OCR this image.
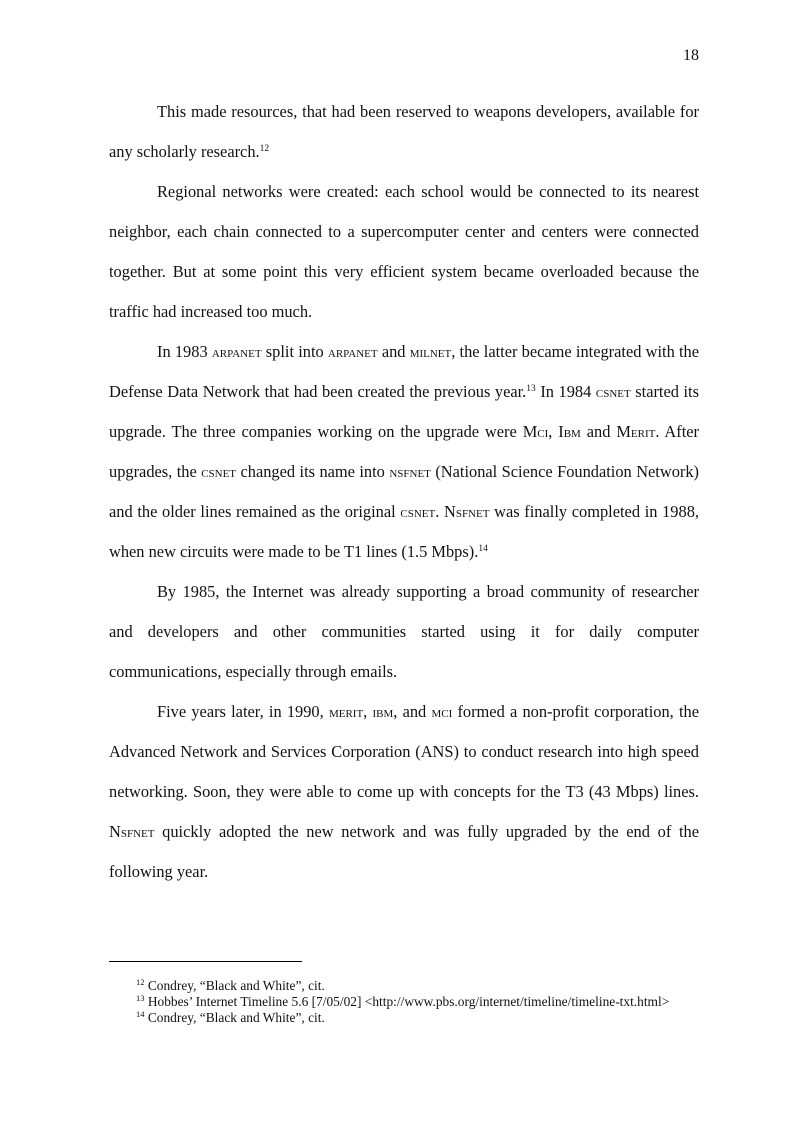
18

This made resources, that had been reserved to weapons developers, available for any scholarly research.$^{12}$

Regional networks were created: each school would be connected to its nearest neighbor, each chain connected to a supercomputer center and centers were connected together. But at some point this very efficient system became overloaded because the traffic had increased too much.

In 1983 arpanet split into arpanet and milnet, the latter became integrated with the Defense Data Network that had been created the previous year.$^{13}$ In 1984 csnet started its upgrade. The three companies working on the upgrade were Mci, Ibm and Merit. After upgrades, the csnet changed its name into nsfnet (National Science Foundation Network) and the older lines remained as the original csnet. Nsfnet was finally completed in 1988, when new circuits were made to be T1 lines (1.5 Mbps).$^{14}$

By 1985, the Internet was already supporting a broad community of researcher and developers and other communities started using it for daily computer communications, especially through emails.

Five years later, in 1990, merit, ibm, and mci formed a non-profit corporation, the Advanced Network and Services Corporation (ANS) to conduct research into high speed networking. Soon, they were able to come up with concepts for the T3 (43 Mbps) lines. Nsfnet quickly adopted the new network and was fully upgraded by the end of the following year.

$^{12}$ Condrey, “Black and White”, cit.

$^{13}$ Hobbes’ Internet Timeline 5.6 [7/05/02] <http://www.pbs.org/internet/timeline/timeline-txt.html>

$^{14}$ Condrey, “Black and White”, cit.
